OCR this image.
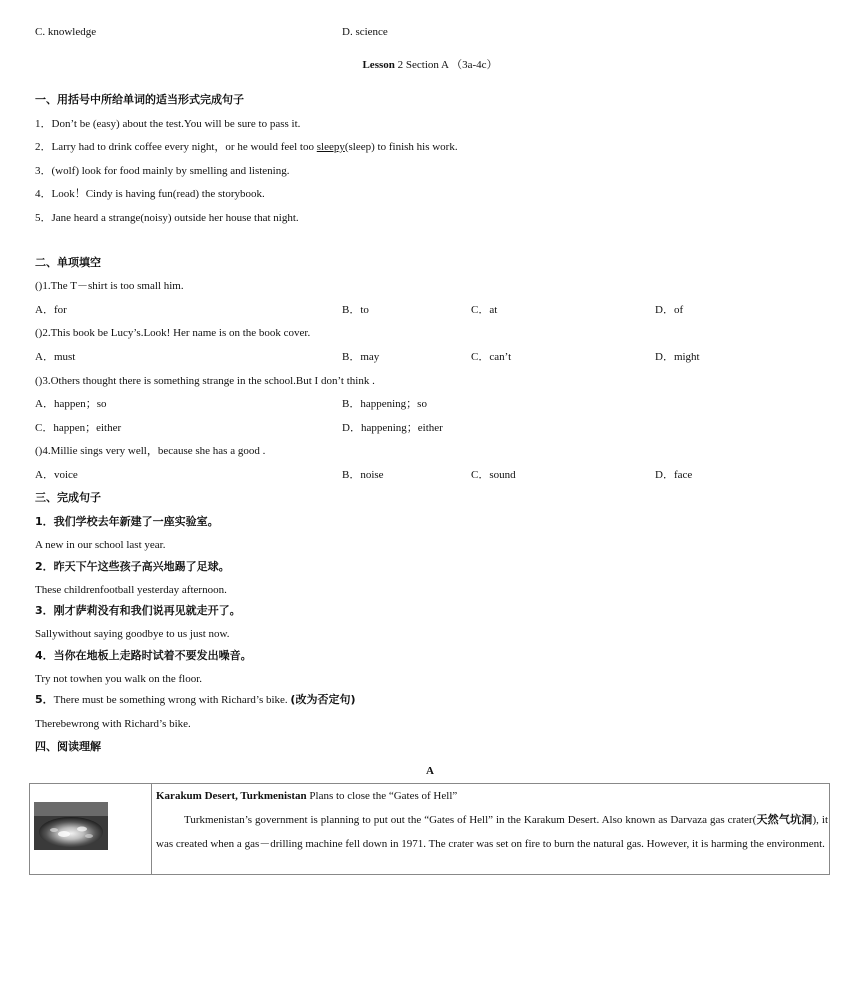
C. knowledge	D. science
Lesson 2 Section A （3a-4c）
一、用括号中所给单词的适当形式完成句子
1．Don’t be (easy) about the test.You will be sure to pass it.
2．Larry had to drink coffee every night，or he would feel too sleepy(sleep) to finish his work.
3．(wolf) look for food mainly by smelling and listening.
4．Look！Cindy is having fun(read) the storybook.
5．Jane heard a strange(noisy) outside her house that night.
二、单项填空
()1.The T－shirt is too small him.
A．for	B．to	C．at	D．of
()2.This book be Lucy’s.Look! Her name is on the book cover.
A．must	B．may	C．can’t	D．might
()3.Others thought there is something strange in the school.But I don’t think .
A．happen；so	B．happening；so
C．happen；either	D．happening；either
()4.Millie sings very well，because she has a good .
A．voice	B．noise	C．sound	D．face
三、完成句子
1．我们学校去年新建了一座实验室。
A new in our school last year.
2．昨天下午这些孩子高兴地踢了足球。
These childrenfootball yesterday afternoon.
3．刚才萨莉没有和我们说再见就走开了。
Sallywithout saying goodbye to us just now.
4．当你在地板上走路时试着不要发出噪音。
Try not towhen you walk on the floor.
5．There must be something wrong with Richard’s bike. (改为否定句)
Therebewrong with Richard’s bike.
四、阅读理解
A

Karakum Desert, Turkmenistan Plans to close the “Gates of Hell”

Turkmenistan’s government is planning to put out the “Gates of Hell” in the Karakum Desert. Also known as Darvaza gas crater(天然气坑洞), it was created when a gas－drilling machine fell down in 1971. The crater was set on fire to burn the natural gas. However, it is harming the environment.
